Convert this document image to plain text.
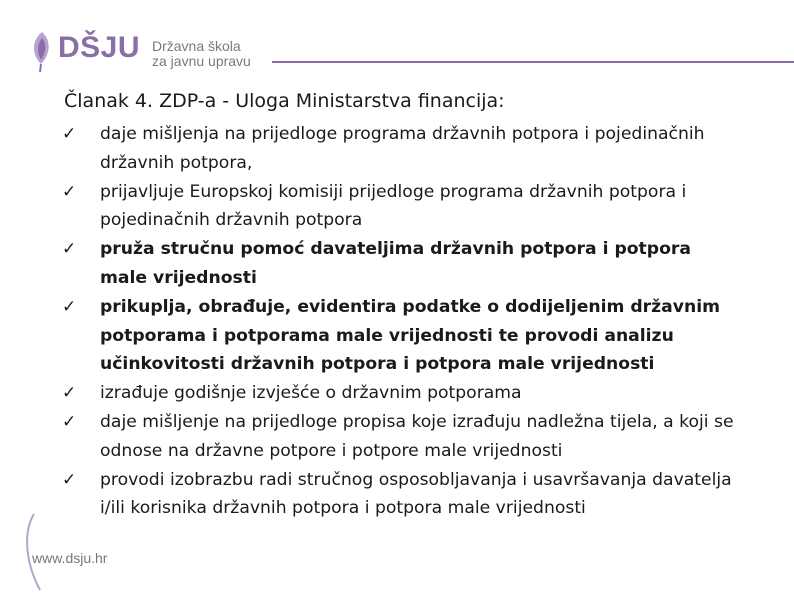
DŠJU Državna škola
za javnu upravu
Članak 4. ZDP-a - Uloga Ministarstva financija:
✓	daje mišljenja na prijedloge programa državnih potpora i pojedinačnih državnih potpora,
✓	prijavljuje Europskoj komisiji prijedloge programa državnih potpora i pojedinačnih državnih potpora
✓	pruža stručnu pomoć davateljima državnih potpora i potpora male vrijednosti
✓	prikuplja, obrađuje, evidentira podatke o dodijeljenim državnim potporama i potporama male vrijednosti te provodi analizu učinkovitosti državnih potpora i potpora male vrijednosti
✓	izrađuje godišnje izvješće o državnim potporama
✓	daje mišljenje na prijedloge propisa koje izrađuju nadležna tijela, a koji se odnose na državne potpore i potpore male vrijednosti
✓	provodi izobrazbu radi stručnog osposobljavanja i usavršavanja davatelja i/ili korisnika državnih potpora i potpora male vrijednosti
www.dsju.hr
